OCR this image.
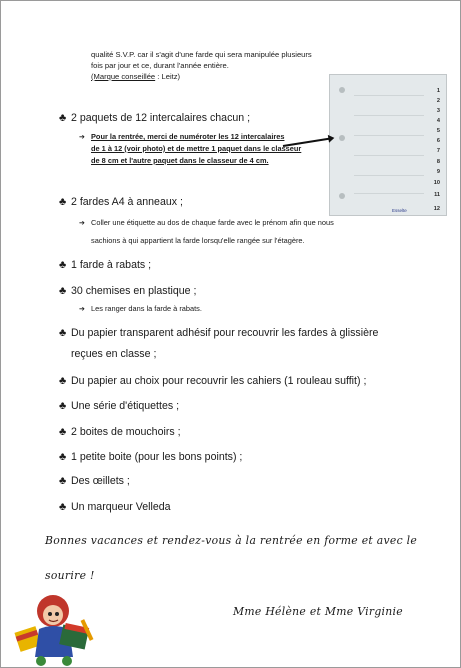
qualité S.V.P. car il s'agit d'une farde qui sera manipulée plusieurs
fois par jour et ce, durant l'année entière.
(Marque conseillée : Leitz)
1
2
3
4
5
6
7
8
9
10
11
12
Esselte
♣ 2 paquets de 12 intercalaires chacun ;
➔ Pour la rentrée, merci de numéroter les 12 intercalaires
de 1 à 12 (voir photo) et de mettre 1 paquet dans le classeur
de 8 cm et l'autre paquet dans le classeur de 4 cm.
♣ 2 fardes A4 à anneaux ;
➔ Coller une étiquette au dos de chaque farde avec le prénom afin que nous
sachions à qui appartient la farde lorsqu'elle rangée sur l'étagère.
♣ 1 farde à rabats ;
♣ 30 chemises en plastique ;
➔ Les ranger dans la farde à rabats.
♣ Du papier transparent adhésif pour recouvrir les fardes à glissière
reçues en classe ;
♣ Du papier au choix pour recouvrir les cahiers (1 rouleau suffit) ;
♣ Une série d'étiquettes ;
♣ 2 boites de mouchoirs ;
♣ 1 petite boite (pour les bons points) ;
♣ Des œillets ;
♣ Un marqueur Velleda
Bonnes vacances et rendez-vous à la rentrée en forme et avec le
sourire !
Mme Hélène et Mme Virginie
